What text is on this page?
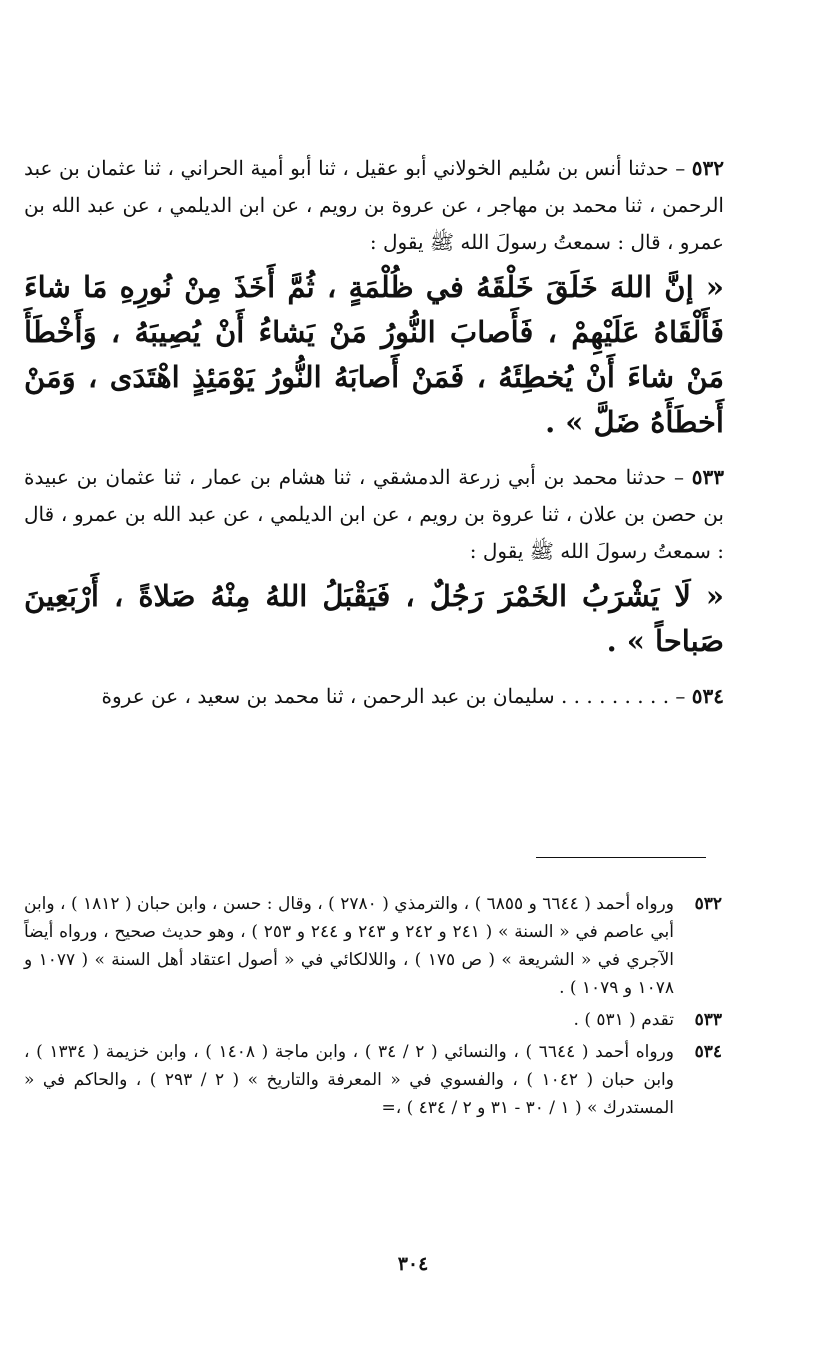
٥٣٢ – حدثنا أنس بن سُليم الخولاني أبو عقيل ، ثنا أبو أمية الحراني ، ثنا عثمان بن عبد الرحمن ، ثنا محمد بن مهاجر ، عن عروة بن رويم ، عن ابن الديلمي ، عن عبد الله بن عمرو ، قال : سمعتُ رسولَ الله ﷺ يقول :

« إنَّ اللهَ خَلَقَ خَلْقَهُ في ظُلْمَةٍ ، ثُمَّ أَخَذَ مِنْ نُورِهِ مَا شاءَ فَأَلْقَاهُ عَلَيْهِمْ ، فَأَصابَ النُّورُ مَنْ يَشاءُ أَنْ يُصِيبَهُ ، وَأَخْطَأَ مَنْ شاءَ أَنْ يُخطِئَهُ ، فَمَنْ أَصابَهُ النُّورُ يَوْمَئِذٍ اهْتَدَى ، وَمَنْ أَخطَأَهُ ضَلَّ » .

٥٣٣ – حدثنا محمد بن أبي زرعة الدمشقي ، ثنا هشام بن عمار ، ثنا عثمان بن عبيدة بن حصن بن علان ، ثنا عروة بن رويم ، عن ابن الديلمي ، عن عبد الله بن عمرو ، قال : سمعتُ رسولَ الله ﷺ يقول :

« لَا يَشْرَبُ الخَمْرَ رَجُلٌ ، فَيَقْبَلُ اللهُ مِنْهُ صَلاةً ، أَرْبَعِينَ صَباحاً » .

٥٣٤ – . . . . . . . . . سليمان بن عبد الرحمن ، ثنا محمد بن سعيد ، عن عروة

٥٣٢
ورواه أحمد ( ٦٦٤٤ و ٦٨٥٥ ) ، والترمذي ( ٢٧٨٠ ) ، وقال : حسن ، وابن حبان ( ١٨١٢ ) ، وابن أبي عاصم في « السنة » ( ٢٤١ و ٢٤٢ و ٢٤٣ و ٢٤٤ و ٢٥٣ ) ، وهو حديث صحيح ، ورواه أيضاً الآجري في « الشريعة » ( ص ١٧٥ ) ، واللالكائي في « أصول اعتقاد أهل السنة » ( ١٠٧٧ و ١٠٧٨ و ١٠٧٩ ) .
٥٣٣
تقدم ( ٥٣١ ) .
٥٣٤
ورواه أحمد ( ٦٦٤٤ ) ، والنسائي ( ٢ / ٣٤ ) ، وابن ماجة ( ١٤٠٨ ) ، وابن خزيمة ( ١٣٣٤ ) ، وابن حبان ( ١٠٤٢ ) ، والفسوي في « المعرفة والتاريخ » ( ٢ / ٢٩٣ ) ، والحاكم في « المستدرك » ( ١ / ٣٠ - ٣١ و ٢ / ٤٣٤ ) ،=
٣٠٤
